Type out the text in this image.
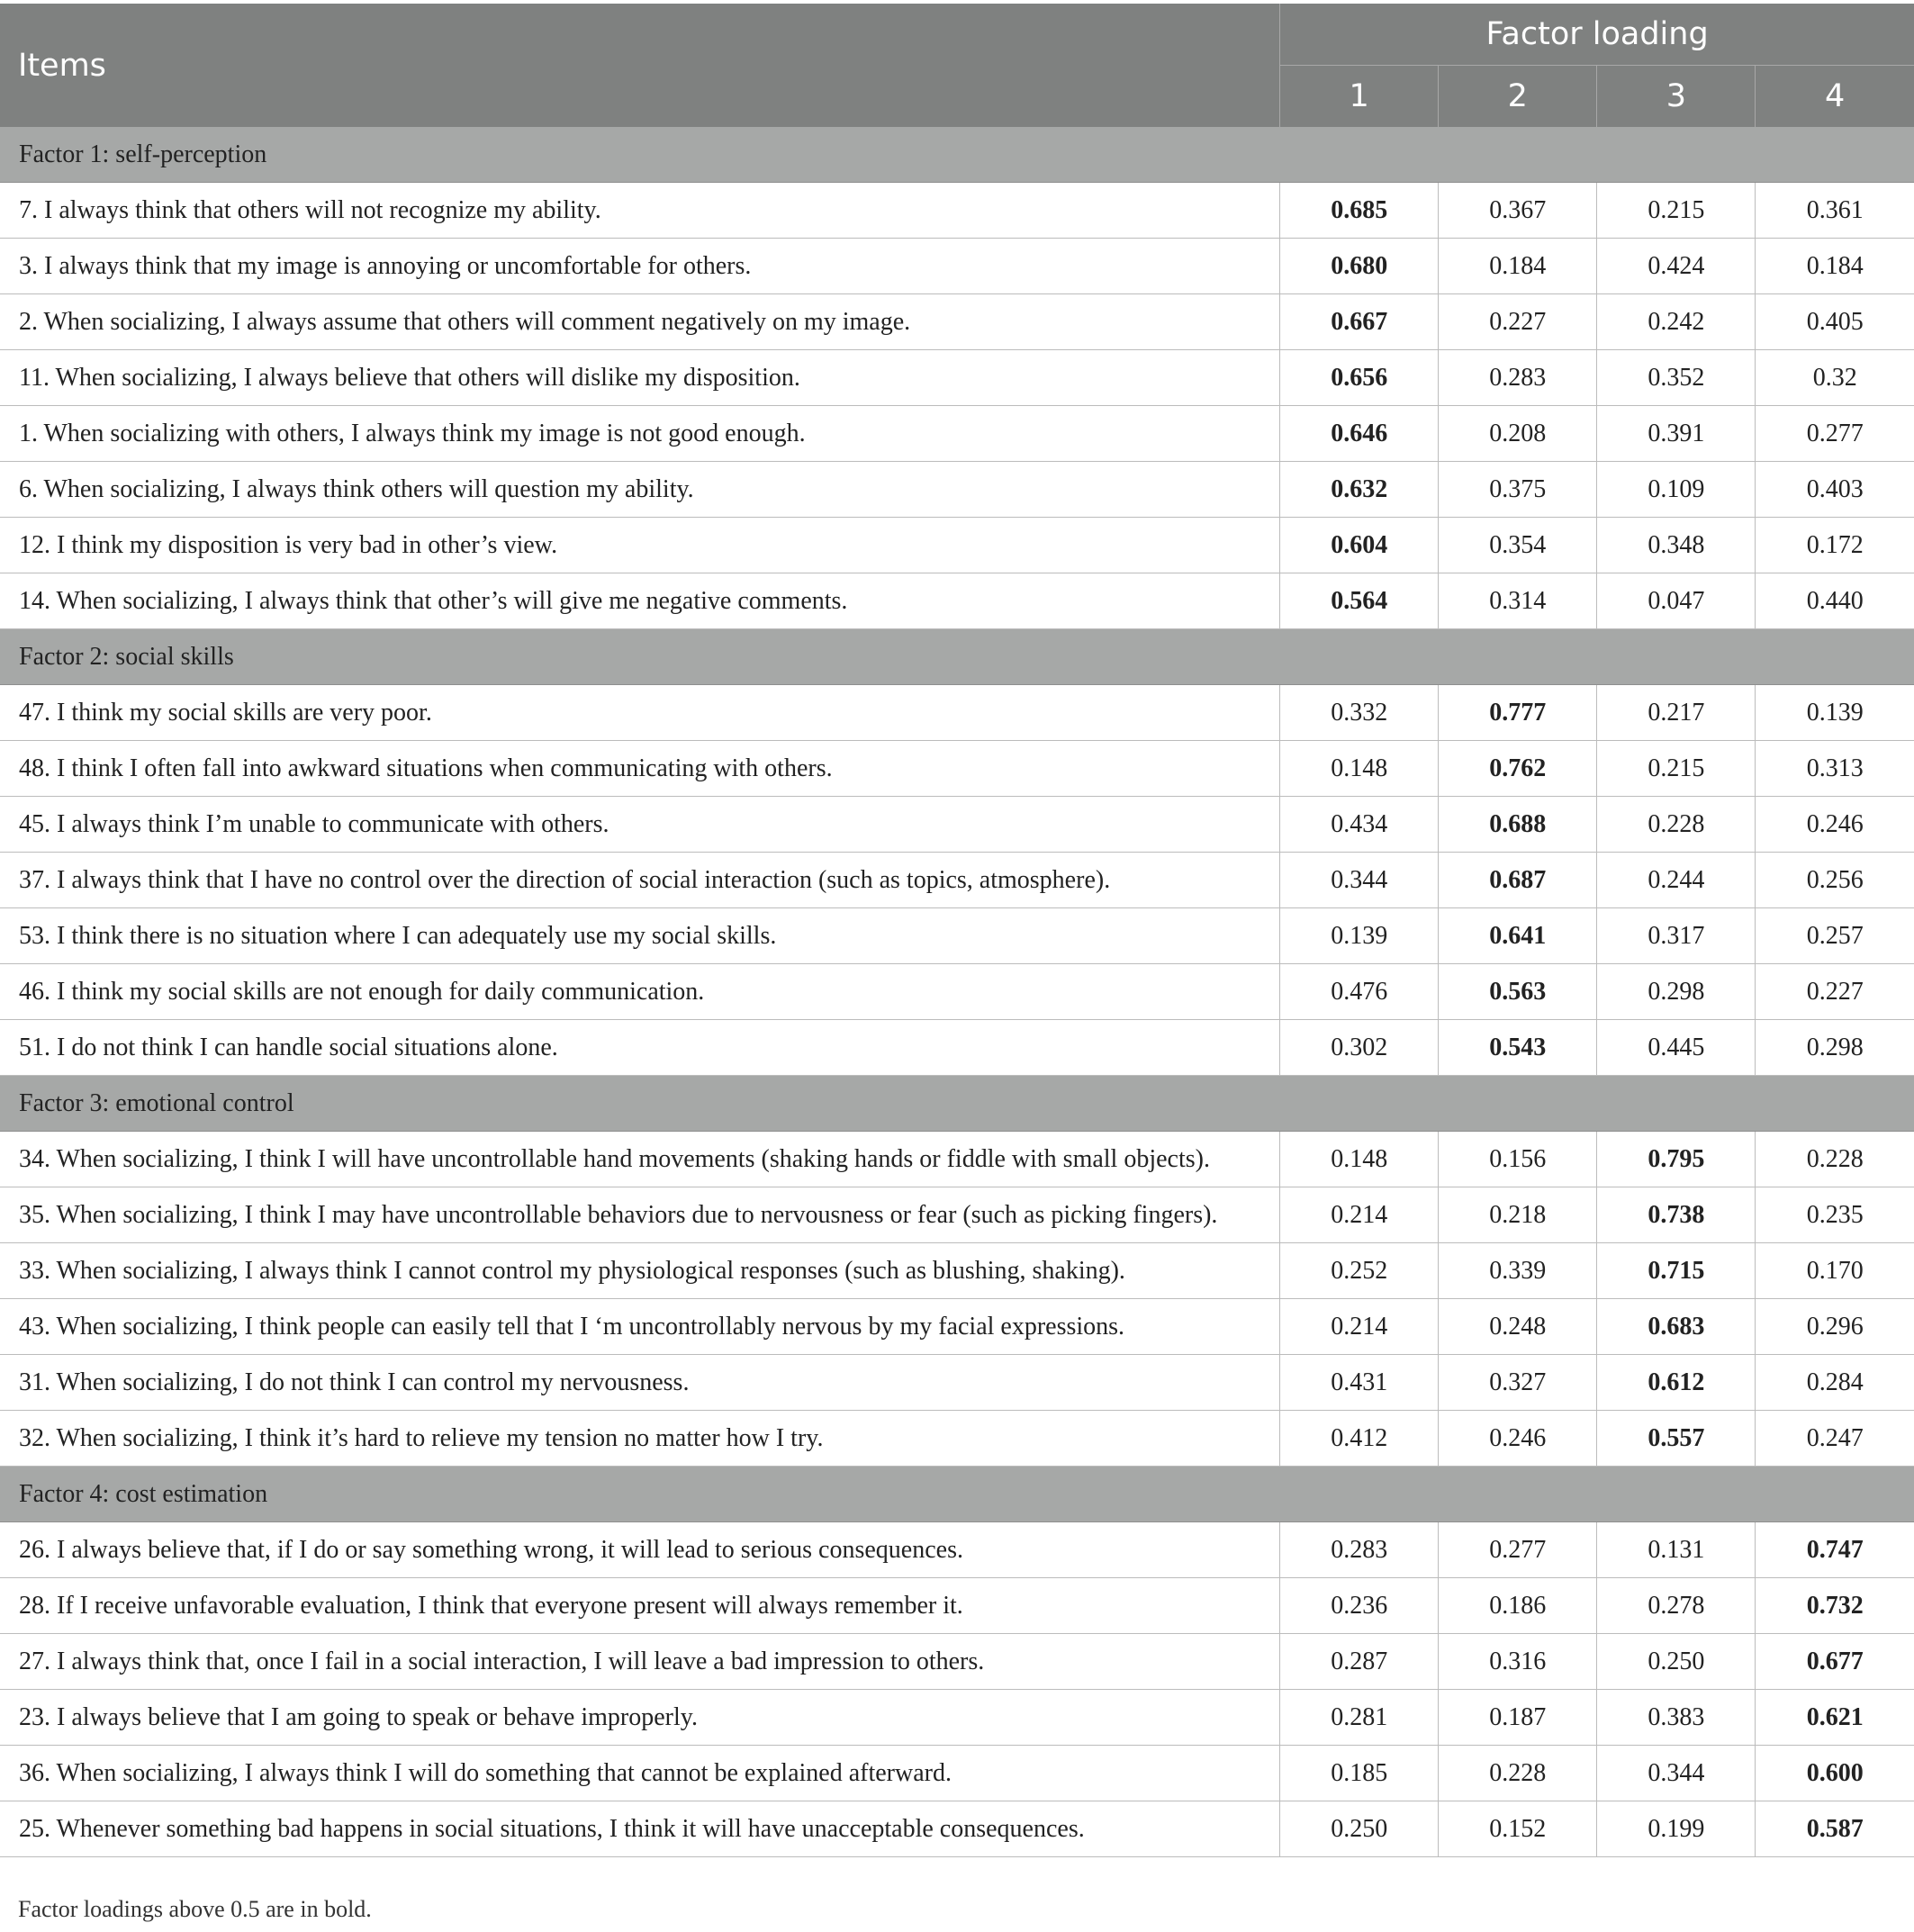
Items	Factor loading			
	1	2	3	4
Factor 1: self-perception				
7. I always think that others will not recognize my ability.	0.685	0.367	0.215	0.361
3. I always think that my image is annoying or uncomfortable for others.	0.680	0.184	0.424	0.184
2. When socializing, I always assume that others will comment negatively on my image.	0.667	0.227	0.242	0.405
11. When socializing, I always believe that others will dislike my disposition.	0.656	0.283	0.352	0.32
1. When socializing with others, I always think my image is not good enough.	0.646	0.208	0.391	0.277
6. When socializing, I always think others will question my ability.	0.632	0.375	0.109	0.403
12. I think my disposition is very bad in other’s view.	0.604	0.354	0.348	0.172
14. When socializing, I always think that other’s will give me negative comments.	0.564	0.314	0.047	0.440
Factor 2: social skills				
47. I think my social skills are very poor.	0.332	0.777	0.217	0.139
48. I think I often fall into awkward situations when communicating with others.	0.148	0.762	0.215	0.313
45. I always think I’m unable to communicate with others.	0.434	0.688	0.228	0.246
37. I always think that I have no control over the direction of social interaction (such as topics, atmosphere).	0.344	0.687	0.244	0.256
53. I think there is no situation where I can adequately use my social skills.	0.139	0.641	0.317	0.257
46. I think my social skills are not enough for daily communication.	0.476	0.563	0.298	0.227
51. I do not think I can handle social situations alone.	0.302	0.543	0.445	0.298
Factor 3: emotional control				
34. When socializing, I think I will have uncontrollable hand movements (shaking hands or fiddle with small objects).	0.148	0.156	0.795	0.228
35. When socializing, I think I may have uncontrollable behaviors due to nervousness or fear (such as picking fingers).	0.214	0.218	0.738	0.235
33. When socializing, I always think I cannot control my physiological responses (such as blushing, shaking).	0.252	0.339	0.715	0.170
43. When socializing, I think people can easily tell that I ‘m uncontrollably nervous by my facial expressions.	0.214	0.248	0.683	0.296
31. When socializing, I do not think I can control my nervousness.	0.431	0.327	0.612	0.284
32. When socializing, I think it’s hard to relieve my tension no matter how I try.	0.412	0.246	0.557	0.247
Factor 4: cost estimation				
26. I always believe that, if I do or say something wrong, it will lead to serious consequences.	0.283	0.277	0.131	0.747
28. If I receive unfavorable evaluation, I think that everyone present will always remember it.	0.236	0.186	0.278	0.732
27. I always think that, once I fail in a social interaction, I will leave a bad impression to others.	0.287	0.316	0.250	0.677
23. I always believe that I am going to speak or behave improperly.	0.281	0.187	0.383	0.621
36. When socializing, I always think I will do something that cannot be explained afterward.	0.185	0.228	0.344	0.600
25. Whenever something bad happens in social situations, I think it will have unacceptable consequences.	0.250	0.152	0.199	0.587
Factor loadings above 0.5 are in bold.
